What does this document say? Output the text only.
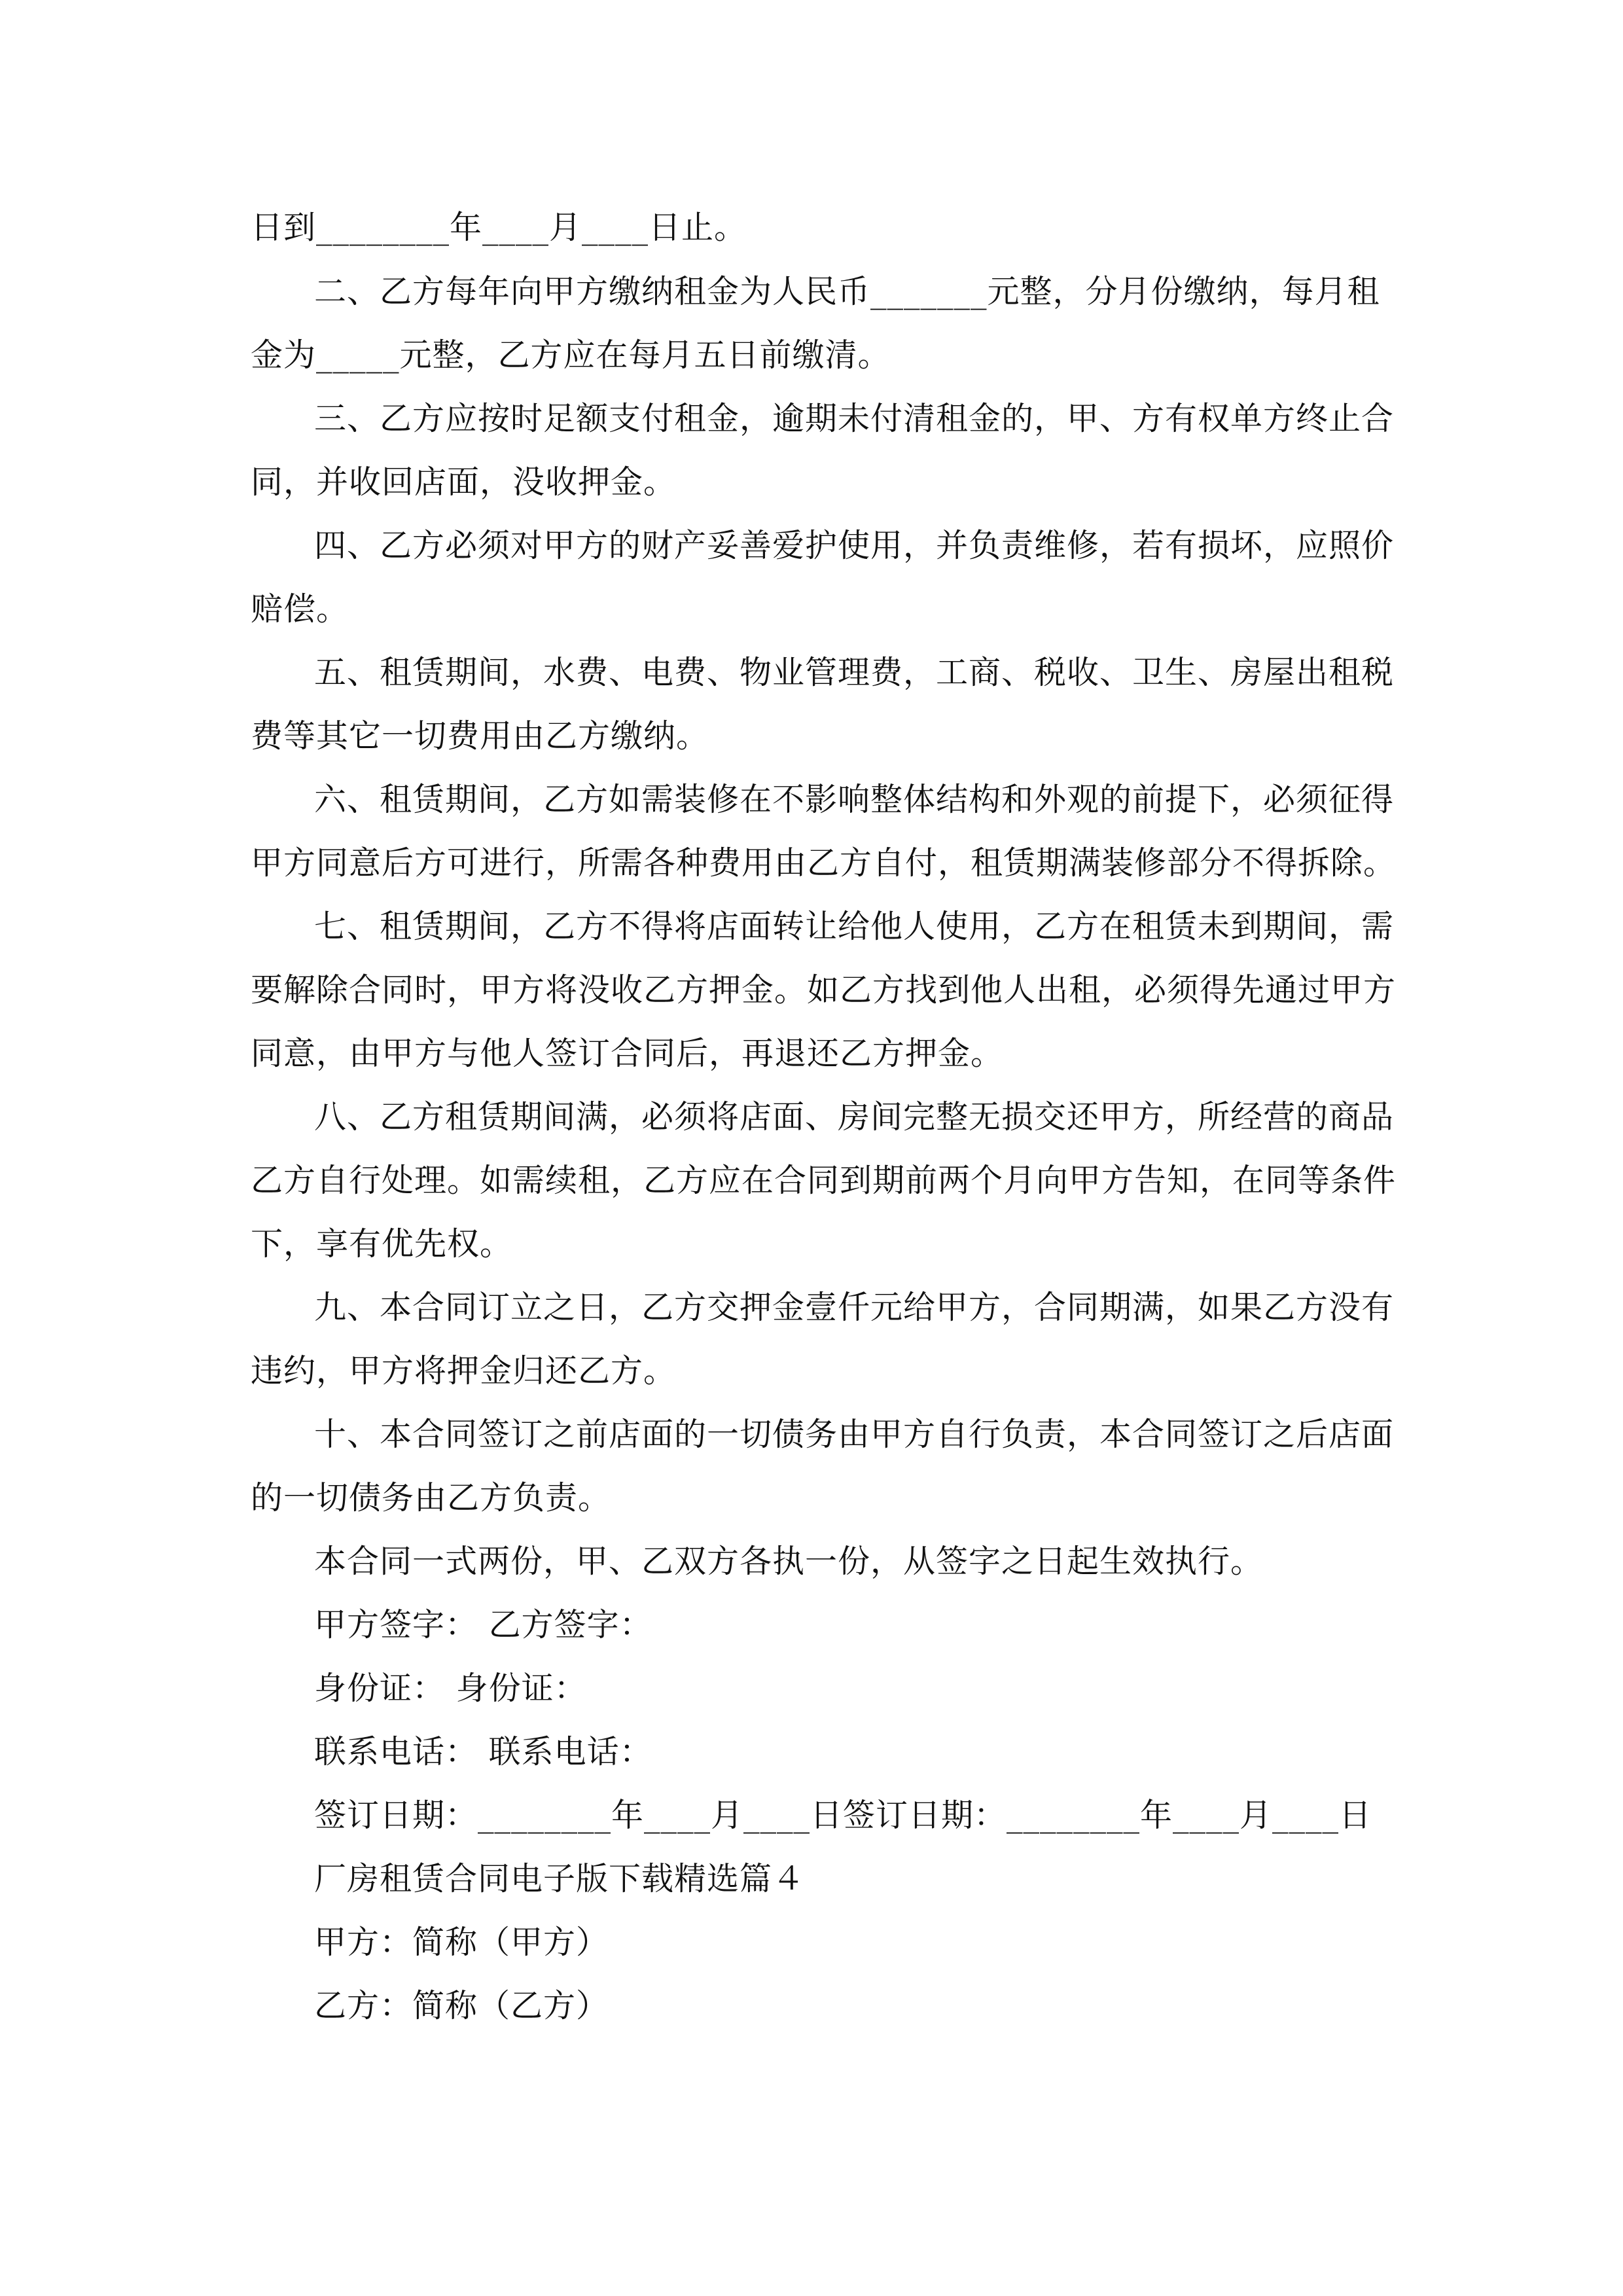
日到________年____月____日止。
二、乙方每年向甲方缴纳租金为人民币_______元整，分月份缴纳，每月租
金为_____元整，乙方应在每月五日前缴清。
三、乙方应按时足额支付租金，逾期未付清租金的，甲、方有权单方终止合
同，并收回店面，没收押金。
四、乙方必须对甲方的财产妥善爱护使用，并负责维修，若有损坏，应照价
赔偿。
五、租赁期间，水费、电费、物业管理费，工商、税收、卫生、房屋出租税
费等其它一切费用由乙方缴纳。
六、租赁期间，乙方如需装修在不影响整体结构和外观的前提下，必须征得
甲方同意后方可进行，所需各种费用由乙方自付，租赁期满装修部分不得拆除。
七、租赁期间，乙方不得将店面转让给他人使用，乙方在租赁未到期间，需
要解除合同时，甲方将没收乙方押金。如乙方找到他人出租，必须得先通过甲方
同意，由甲方与他人签订合同后，再退还乙方押金。
八、乙方租赁期间满，必须将店面、房间完整无损交还甲方，所经营的商品
乙方自行处理。如需续租，乙方应在合同到期前两个月向甲方告知，在同等条件
下，享有优先权。
九、本合同订立之日，乙方交押金壹仟元给甲方，合同期满，如果乙方没有
违约，甲方将押金归还乙方。
十、本合同签订之前店面的一切债务由甲方自行负责，本合同签订之后店面
的一切债务由乙方负责。
本合同一式两份，甲、乙双方各执一份，从签字之日起生效执行。
甲方签字： 乙方签字：
身份证： 身份证：
联系电话： 联系电话：
签订日期：________年____月____日签订日期：________年____月____日
厂房租赁合同电子版下载精选篇４
甲方：简称（甲方）
乙方：简称（乙方）
